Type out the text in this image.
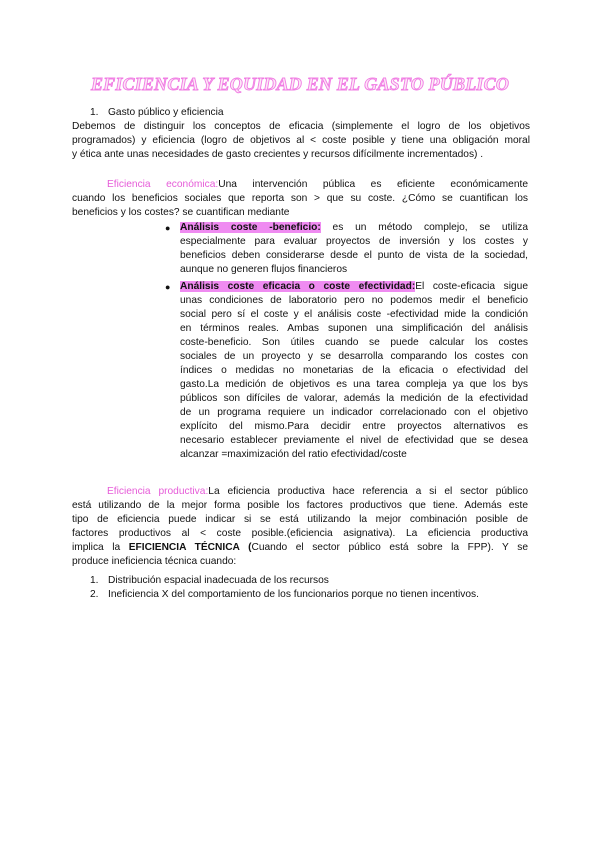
EFICIENCIA Y EQUIDAD EN EL GASTO PÚBLICO
1. Gasto público y eficiencia
Debemos de distinguir los conceptos de eficacia (simplemente el logro de los objetivos
programados) y eficiencia (logro de objetivos al < coste posible y tiene una obligación moral
y ética ante unas necesidades de gasto crecientes y recursos difícilmente incrementados) .
Eficiencia económica:Una intervención pública es eficiente económicamente
cuando los beneficios sociales que reporta son > que su coste. ¿Cómo se cuantifican los
beneficios y los costes? se cuantifican mediante
● Análisis coste -beneficio: es un método complejo, se utiliza
especialmente para evaluar proyectos de inversión y los costes y
beneficios deben considerarse desde el punto de vista de la sociedad,
aunque no generen flujos financieros
● Análisis coste eficacia o coste efectividad:El coste-eficacia sigue
unas condiciones de laboratorio pero no podemos medir el beneficio
social pero sí el coste y el análisis coste -efectividad mide la condición
en términos reales. Ambas suponen una simplificación del análisis
coste-beneficio. Son útiles cuando se puede calcular los costes
sociales de un proyecto y se desarrolla comparando los costes con
índices o medidas no monetarias de la eficacia o efectividad del
gasto.La medición de objetivos es una tarea compleja ya que los bys
públicos son difíciles de valorar, además la medición de la efectividad
de un programa requiere un indicador correlacionado con el objetivo
explícito del mismo.Para decidir entre proyectos alternativos es
necesario establecer previamente el nivel de efectividad que se desea
alcanzar =maximización del ratio efectividad/coste
Eficiencia productiva:La eficiencia productiva hace referencia a si el sector público
está utilizando de la mejor forma posible los factores productivos que tiene. Además este
tipo de eficiencia puede indicar si se está utilizando la mejor combinación posible de
factores productivos al < coste posible.(eficiencia asignativa). La eficiencia productiva
implica la EFICIENCIA TÉCNICA (Cuando el sector público está sobre la FPP). Y se
produce ineficiencia técnica cuando:
1. Distribución espacial inadecuada de los recursos
2. Ineficiencia X del comportamiento de los funcionarios porque no tienen incentivos.
